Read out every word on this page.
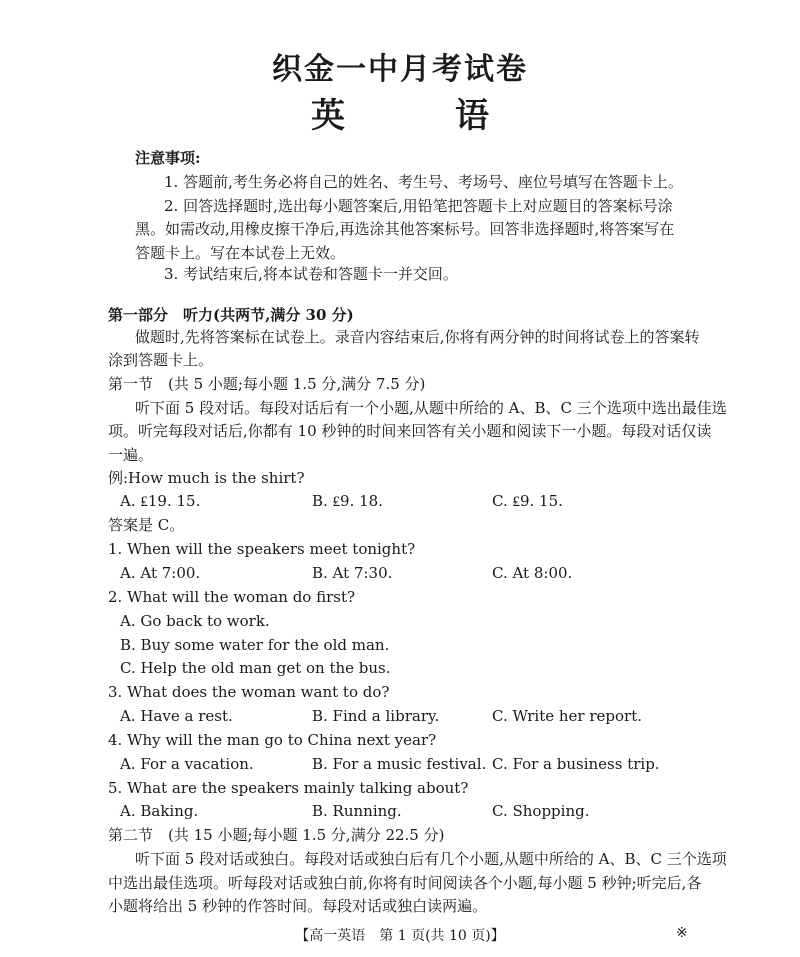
织金一中月考试卷
英	语
注意事项:
1. 答题前,考生务必将自己的姓名、考生号、考场号、座位号填写在答题卡上。
2. 回答选择题时,选出每小题答案后,用铅笔把答题卡上对应题目的答案标号涂
黑。如需改动,用橡皮擦干净后,再选涂其他答案标号。回答非选择题时,将答案写在
答题卡上。写在本试卷上无效。
3. 考试结束后,将本试卷和答题卡一并交回。
第一部分　听力(共两节,满分 30 分)
做题时,先将答案标在试卷上。录音内容结束后,你将有两分钟的时间将试卷上的答案转
涂到答题卡上。
第一节　(共 5 小题;每小题 1.5 分,满分 7.5 分)
听下面 5 段对话。每段对话后有一个小题,从题中所给的 A、B、C 三个选项中选出最佳选
项。听完每段对话后,你都有 10 秒钟的时间来回答有关小题和阅读下一小题。每段对话仅读
一遍。
例:How much is the shirt?
A. ₤19. 15.	B. ₤9. 18.	C. ₤9. 15.
答案是 C。
1. When will the speakers meet tonight?
A. At 7:00.	B. At 7:30.	C. At 8:00.
2. What will the woman do first?
A. Go back to work.
B. Buy some water for the old man.
C. Help the old man get on the bus.
3. What does the woman want to do?
A. Have a rest.	B. Find a library.	C. Write her report.
4. Why will the man go to China next year?
A. For a vacation.	B. For a music festival. C. For a business trip.
5. What are the speakers mainly talking about?
A. Baking.	B. Running.	C. Shopping.
第二节　(共 15 小题;每小题 1.5 分,满分 22.5 分)
听下面 5 段对话或独白。每段对话或独白后有几个小题,从题中所给的 A、B、C 三个选项
中选出最佳选项。听每段对话或独白前,你将有时间阅读各个小题,每小题 5 秒钟;听完后,各
小题将给出 5 秒钟的作答时间。每段对话或独白读两遍。
【高一英语　第 1 页(共 10 页)】	※
